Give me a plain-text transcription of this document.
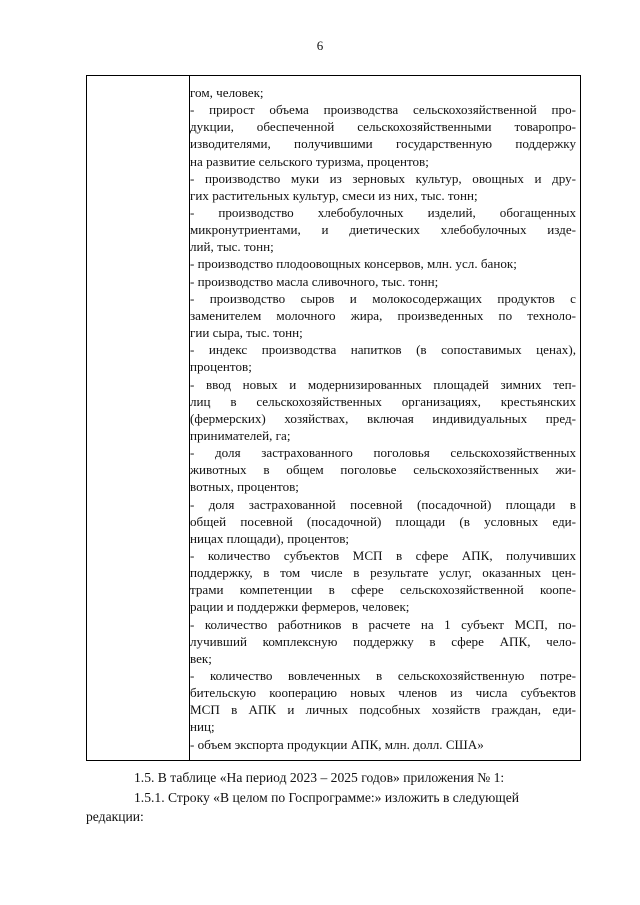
6
гом, человек;
- прирост объема производства сельскохозяйственной про-
дукции, обеспеченной сельскохозяйственными товаропро-
изводителями, получившими государственную поддержку
на развитие сельского туризма, процентов;
- производство муки из зерновых культур, овощных и дру-
гих растительных культур, смеси из них, тыс. тонн;
- производство хлебобулочных изделий, обогащенных
микронутриентами, и диетических хлебобулочных изде-
лий, тыс. тонн;
- производство плодоовощных консервов, млн. усл. банок;
- производство масла сливочного, тыс. тонн;
- производство сыров и молокосодержащих продуктов с
заменителем молочного жира, произведенных по техноло-
гии сыра, тыс. тонн;
- индекс производства напитков (в сопоставимых ценах),
процентов;
- ввод новых и модернизированных площадей зимних теп-
лиц в сельскохозяйственных организациях, крестьянских
(фермерских) хозяйствах, включая индивидуальных пред-
принимателей, га;
- доля застрахованного поголовья сельскохозяйственных
животных в общем поголовье сельскохозяйственных жи-
вотных, процентов;
- доля застрахованной посевной (посадочной) площади в
общей посевной (посадочной) площади (в условных еди-
ницах площади), процентов;
- количество субъектов МСП в сфере АПК, получивших
поддержку, в том числе в результате услуг, оказанных цен-
трами компетенции в сфере сельскохозяйственной коопе-
рации и поддержки фермеров, человек;
- количество работников в расчете на 1 субъект МСП, по-
лучивший комплексную поддержку в сфере АПК, чело-
век;
- количество вовлеченных в сельскохозяйственную потре-
бительскую кооперацию новых членов из числа субъектов
МСП в АПК и личных подсобных хозяйств граждан, еди-
ниц;
- объем экспорта продукции АПК, млн. долл. США»
1.5. В таблице «На период 2023 – 2025 годов» приложения № 1:
1.5.1. Строку «В целом по Госпрограмме:» изложить в следующей
редакции:
